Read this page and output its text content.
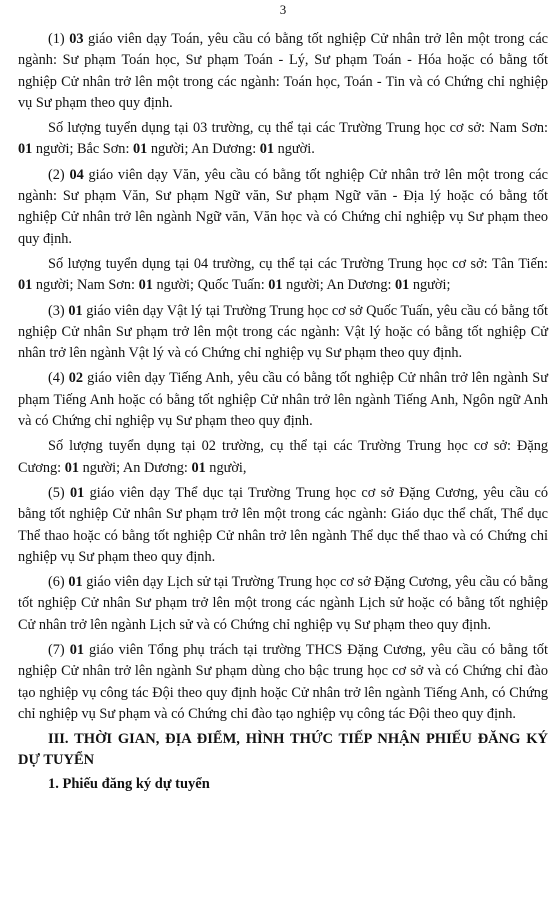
3

(1) 03 giáo viên dạy Toán, yêu cầu có bằng tốt nghiệp Cử nhân trở lên một trong các ngành: Sư phạm Toán học, Sư phạm Toán - Lý, Sư phạm Toán - Hóa hoặc có bằng tốt nghiệp Cử nhân trở lên một trong các ngành: Toán học, Toán - Tin và có Chứng chỉ nghiệp vụ Sư phạm theo quy định.

Số lượng tuyển dụng tại 03 trường, cụ thể tại các Trường Trung học cơ sở: Nam Sơn: 01 người; Bắc Sơn: 01 người; An Dương: 01 người.

(2) 04 giáo viên dạy Văn, yêu cầu có bằng tốt nghiệp Cử nhân trở lên một trong các ngành: Sư phạm Văn, Sư phạm Ngữ văn, Sư phạm Ngữ văn - Địa lý hoặc có bằng tốt nghiệp Cử nhân trở lên ngành Ngữ văn, Văn học và có Chứng chỉ nghiệp vụ Sư phạm theo quy định.

Số lượng tuyển dụng tại 04 trường, cụ thể tại các Trường Trung học cơ sở: Tân Tiến: 01 người; Nam Sơn: 01 người; Quốc Tuấn: 01 người; An Dương: 01 người;

(3) 01 giáo viên dạy Vật lý tại Trường Trung học cơ sở Quốc Tuấn, yêu cầu có bằng tốt nghiệp Cử nhân Sư phạm trở lên một trong các ngành: Vật lý hoặc có bằng tốt nghiệp Cử nhân trở lên ngành Vật lý và có Chứng chỉ nghiệp vụ Sư phạm theo quy định.

(4) 02 giáo viên dạy Tiếng Anh, yêu cầu có bằng tốt nghiệp Cử nhân trở lên ngành Sư phạm Tiếng Anh hoặc có bằng tốt nghiệp Cử nhân trở lên ngành Tiếng Anh, Ngôn ngữ Anh và có Chứng chỉ nghiệp vụ Sư phạm theo quy định.

Số lượng tuyển dụng tại 02 trường, cụ thể tại các Trường Trung học cơ sở: Đặng Cương: 01 người; An Dương: 01 người,

(5) 01 giáo viên dạy Thể dục tại Trường Trung học cơ sở Đặng Cương, yêu cầu có bằng tốt nghiệp Cử nhân Sư phạm trở lên một trong các ngành: Giáo dục thể chất, Thể dục Thể thao hoặc có bằng tốt nghiệp Cử nhân trở lên ngành Thể dục thể thao và có Chứng chỉ nghiệp vụ Sư phạm theo quy định.

(6) 01 giáo viên dạy Lịch sử tại Trường Trung học cơ sở Đặng Cương, yêu cầu có bằng tốt nghiệp Cử nhân Sư phạm trở lên một trong các ngành Lịch sử hoặc có bằng tốt nghiệp Cử nhân trở lên ngành Lịch sử và có Chứng chỉ nghiệp vụ Sư phạm theo quy định.

(7) 01 giáo viên Tổng phụ trách tại trường THCS Đặng Cương, yêu cầu có bằng tốt nghiệp Cử nhân trở lên ngành Sư phạm dùng cho bậc trung học cơ sở và có Chứng chỉ đào tạo nghiệp vụ công tác Đội theo quy định hoặc Cử nhân trở lên ngành Tiếng Anh, có Chứng chỉ nghiệp vụ Sư phạm và có Chứng chỉ đào tạo nghiệp vụ công tác Đội theo quy định.

III. THỜI GIAN, ĐỊA ĐIỂM, HÌNH THỨC TIẾP NHẬN PHIẾU ĐĂNG KÝ DỰ TUYỂN

1. Phiếu đăng ký dự tuyển
